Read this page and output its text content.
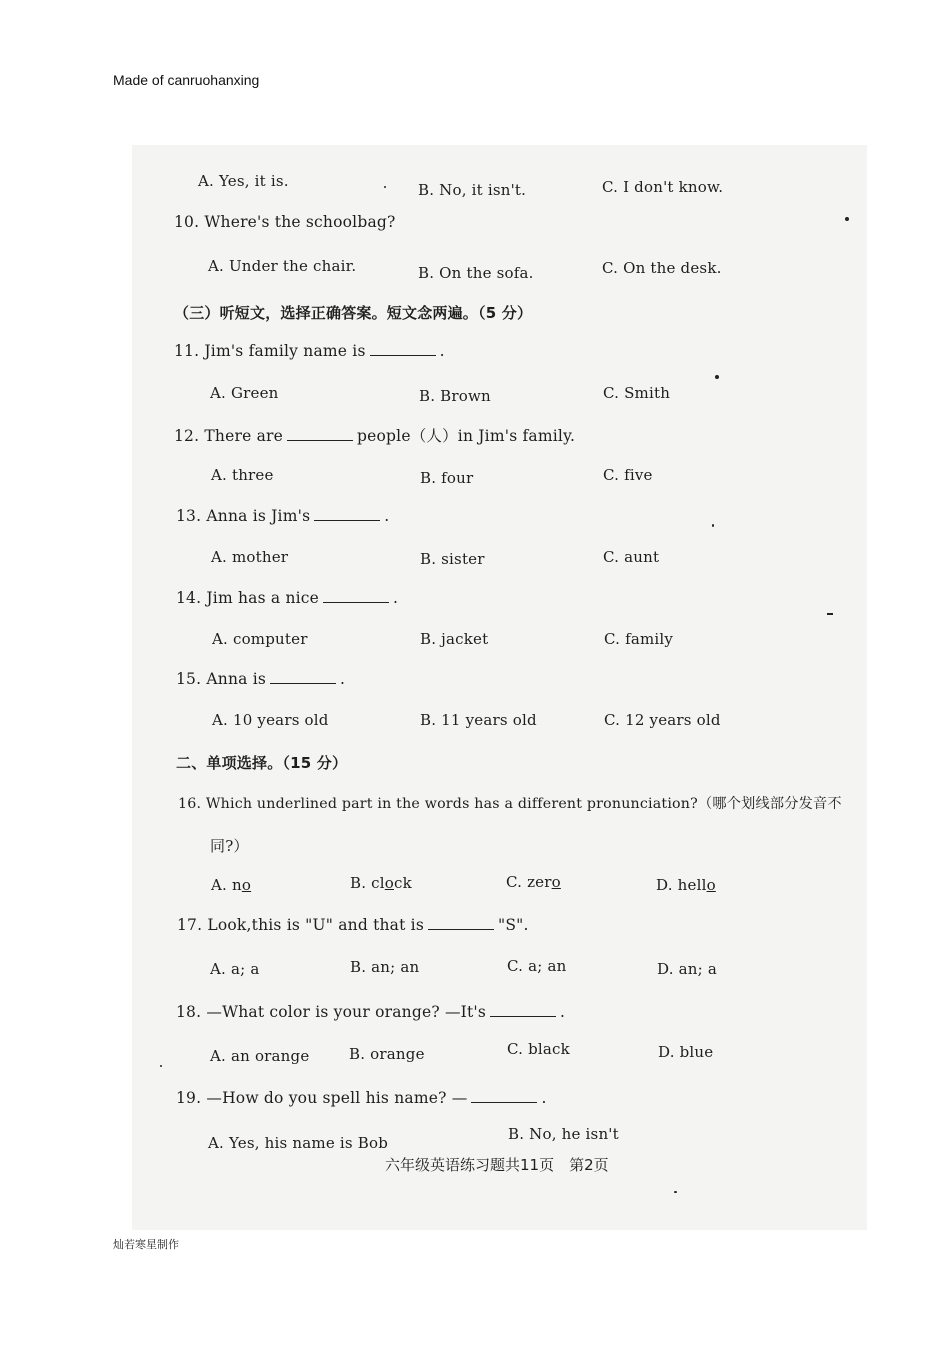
Made of canruohanxing
A. Yes, it is.	B. No, it isn't.	C. I don't know.
10. Where's the schoolbag?
A. Under the chair.	B. On the sofa.	C. On the desk.
（三）听短文，选择正确答案。短文念两遍。（5 分）
11. Jim's family name is	.
A. Green	B. Brown	C. Smith
12. There are	people（人）in Jim's family.
A. three	B. four	C. five
13. Anna is Jim's	.
A. mother	B. sister	C. aunt
14. Jim has a nice	.
A. computer	B. jacket	C. family
15. Anna is	.
A. 10 years old	B. 11 years old	C. 12 years old
二、单项选择。（15 分）
16. Which underlined part in the words has a different pronunciation?（哪个划线部分发音不
同?）
A. no	B. clock	C. zero	D. hello
17. Look,this is "U" and that is	"S".
A. a; a	B. an; an	C. a; an	D. an; a
18. —What color is your orange? —It's	.
A. an orange	B. orange	C. black	D. blue
19. —How do you spell his name? —	.
A. Yes, his name is Bob	B. No, he isn't
六年级英语练习题共11页　第2页
灿若寒星制作
